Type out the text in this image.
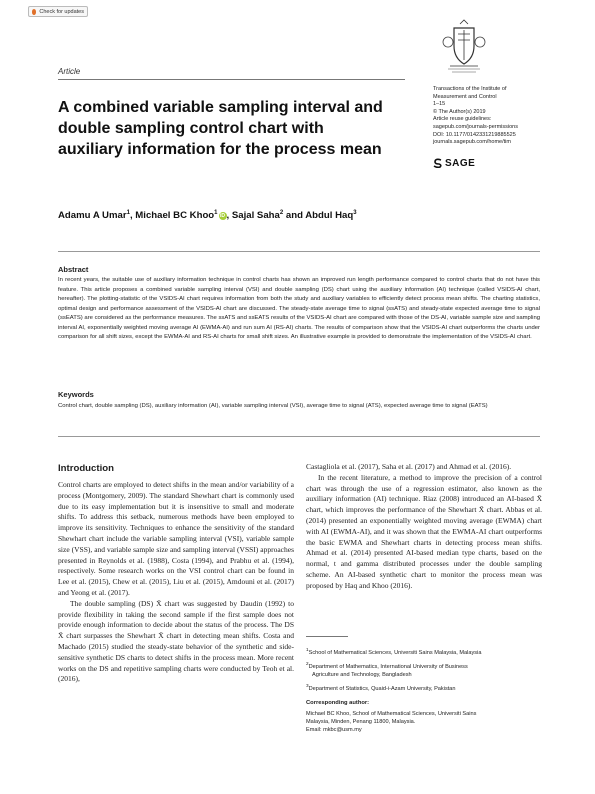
Check for updates
Article
A combined variable sampling interval and double sampling control chart with auxiliary information for the process mean
Transactions of the Institute of
Measurement and Control
1–15
© The Author(s) 2019
Article reuse guidelines:
sagepub.com/journals-permissions
DOI: 10.1177/0142331219885525
journals.sagepub.com/home/tim
SAGE
Adamu A Umar$^1$, Michael BC Khoo$^1$ iD , Sajal Saha$^2$ and Abdul Haq$^3$
Abstract
In recent years, the suitable use of auxiliary information technique in control charts has shown an improved run length performance compared to control charts that do not have this feature. This article proposes a combined variable sampling interval (VSI) and double sampling (DS) chart using the auxiliary information (AI) technique (called VSIDS-AI chart, hereafter). The plotting-statistic of the VSIDS-AI chart requires information from both the study and auxiliary variables to efficiently detect process mean shifts. The charting statistics, optimal design and performance assessment of the VSIDS-AI chart are discussed. The steady-state average time to signal (ssATS) and steady-state expected average time to signal (ssEATS) are considered as the performance measures. The ssATS and ssEATS results of the VSIDS-AI chart are compared with those of the DS-AI, variable sample size and sampling interval AI, exponentially weighted moving average AI (EWMA-AI) and run sum AI (RS-AI) charts. The results of comparison show that the VSIDS-AI chart outperforms the charts under comparison for all shift sizes, except the EWMA-AI and RS-AI charts for small shift sizes. An illustrative example is provided to demonstrate the implementation of the VSIDS-AI chart.
Keywords
Control chart, double sampling (DS), auxiliary information (AI), variable sampling interval (VSI), average time to signal (ATS), expected average time to signal (EATS)
Introduction

Control charts are employed to detect shifts in the mean and/or variability of a process (Montgomery, 2009). The standard Shewhart chart is commonly used due to its easy implementation but it is insensitive to small and moderate shifts. To address this setback, numerous methods have been employed to improve its sensitivity. Techniques to enhance the sensitivity of the standard Shewhart chart include the variable sampling interval (VSI), variable sample size (VSS), and variable sample size and sampling interval (VSSI) approaches presented in Reynolds et al. (1988), Costa (1994), and Prabhu et al. (1994), respectively. Some research works on the VSI control chart can be found in Lee et al. (2015), Chew et al. (2015), Liu et al. (2015), Amdouni et al. (2017) and Yeong et al. (2017).

The double sampling (DS) X̄ chart was suggested by Daudin (1992) to provide flexibility in taking the second sample if the first sample does not provide enough information to decide about the status of the process. The DS X̄ chart surpasses the Shewhart X̄ chart in detecting mean shifts. Costa and Machado (2015) studied the steady-state behavior of the synthetic and side-sensitive synthetic DS charts to detect shifts in the process mean. More recent works on the DS and repetitive sampling charts were conducted by Teoh et al. (2016),

Castagliola et al. (2017), Saha et al. (2017) and Ahmad et al. (2016).

In the recent literature, a method to improve the precision of a control chart was through the use of a regression estimator, also known as the auxiliary information (AI) technique. Riaz (2008) introduced an AI-based X̄ chart, which improves the performance of the Shewhart X̄ chart. Abbas et al. (2014) presented an exponentially weighted moving average (EWMA) chart with AI (EWMA-AI), and it was shown that the EWMA-AI chart outperforms the basic EWMA and Shewhart charts in detecting process mean shifts. Ahmad et al. (2014) presented AI-based median type charts, based on the normal, t and gamma distributed processes under the double sampling scheme. An AI-based synthetic chart to monitor the process mean was proposed by Haq and Khoo (2016).

$^1$School of Mathematical Sciences, Universiti Sains Malaysia, Malaysia
$^2$Department of Mathematics, International University of Business
Agriculture and Technology, Bangladesh
$^3$Department of Statistics, Quaid-i-Azam University, Pakistan
Corresponding author:
Michael BC Khoo, School of Mathematical Sciences, Universiti Sains
Malaysia, Minden, Penang 11800, Malaysia.
Email: mkbc@usm.my
